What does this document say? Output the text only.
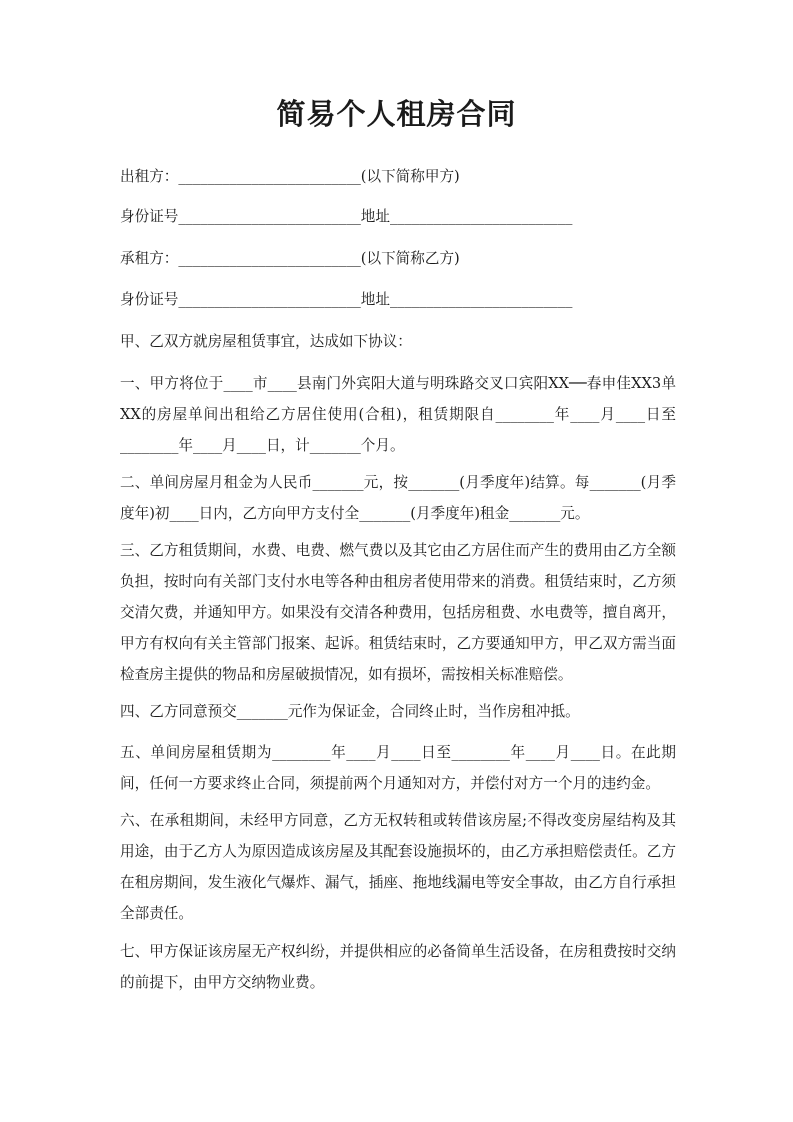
简易个人租房合同
出租方：_________________________(以下简称甲方)
身份证号_________________________地址_________________________
承租方：_________________________(以下简称乙方)
身份证号_________________________地址_________________________
甲、乙双方就房屋租赁事宜，达成如下协议：

一、甲方将位于____市____县南门外宾阳大道与明珠路交叉口宾阳XX──春申佳XX3单XX的房屋单间出租给乙方居住使用(合租)，租赁期限自________年____月____日至________年____月____日，计_______个月。

二、单间房屋月租金为人民币_______元，按_______(月季度年)结算。每_______(月季度年)初____日内，乙方向甲方支付全_______(月季度年)租金_______元。

三、乙方租赁期间，水费、电费、燃气费以及其它由乙方居住而产生的费用由乙方全额负担，按时向有关部门支付水电等各种由租房者使用带来的消费。租赁结束时，乙方须交清欠费，并通知甲方。如果没有交清各种费用，包括房租费、水电费等，擅自离开，甲方有权向有关主管部门报案、起诉。租赁结束时，乙方要通知甲方，甲乙双方需当面检查房主提供的物品和房屋破损情况，如有损坏，需按相关标准赔偿。

四、乙方同意预交_______元作为保证金，合同终止时，当作房租冲抵。

五、单间房屋租赁期为________年____月____日至________年____月____日。在此期间，任何一方要求终止合同，须提前两个月通知对方，并偿付对方一个月的违约金。

六、在承租期间，未经甲方同意，乙方无权转租或转借该房屋;不得改变房屋结构及其用途，由于乙方人为原因造成该房屋及其配套设施损坏的，由乙方承担赔偿责任。乙方在租房期间，发生液化气爆炸、漏气，插座、拖地线漏电等安全事故，由乙方自行承担全部责任。

七、甲方保证该房屋无产权纠纷，并提供相应的必备简单生活设备，在房租费按时交纳的前提下，由甲方交纳物业费。
